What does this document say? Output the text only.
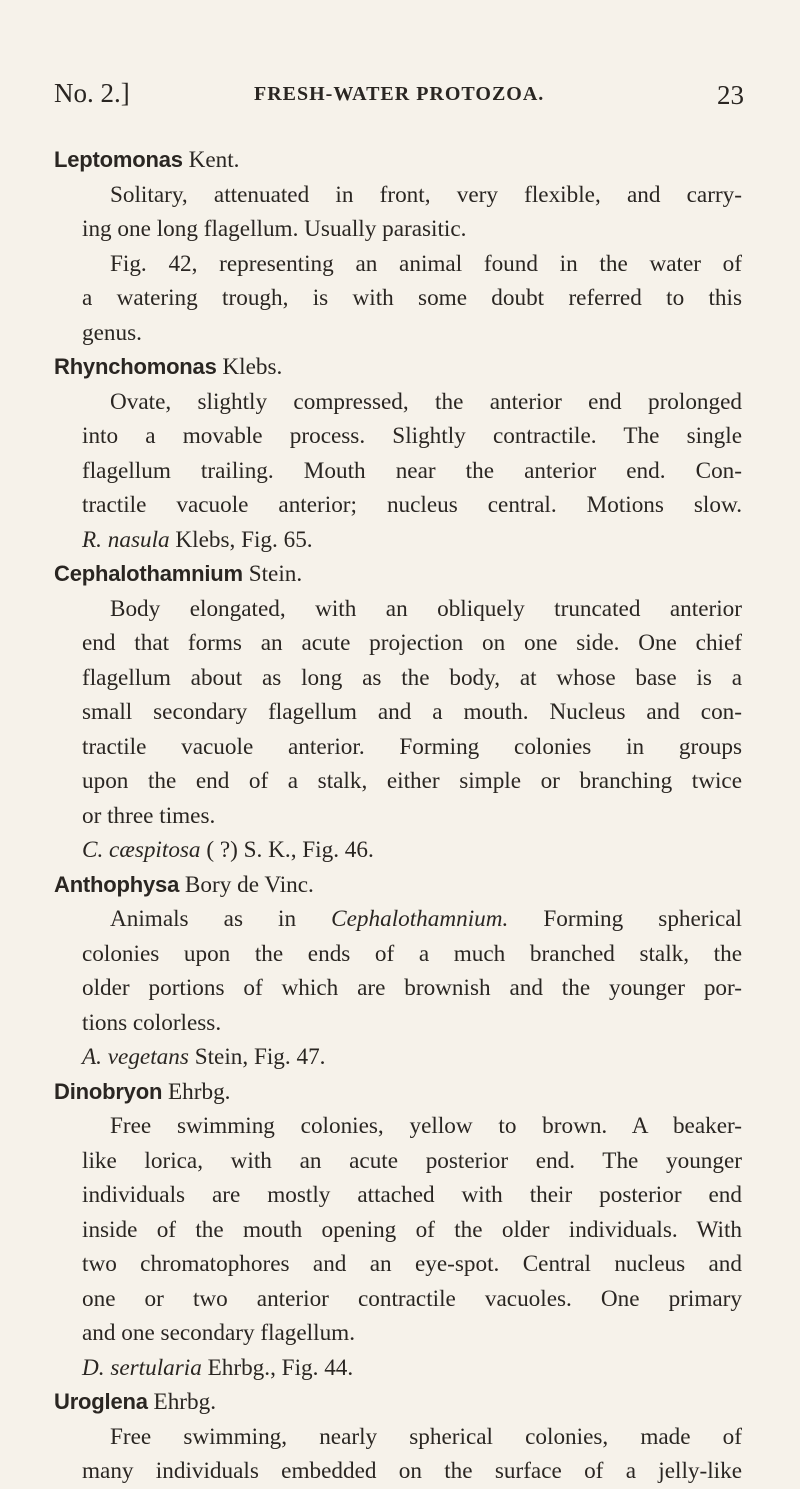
No. 2.]	FRESH-WATER PROTOZOA.	23
Leptomonas Kent.
Solitary, attenuated in front, very flexible, and carry-
ing one long flagellum. Usually parasitic.
Fig. 42, representing an animal found in the water of
a watering trough, is with some doubt referred to this
genus.
Rhynchomonas Klebs.
Ovate, slightly compressed, the anterior end prolonged
into a movable process. Slightly contractile. The single
flagellum trailing. Mouth near the anterior end. Con-
tractile vacuole anterior; nucleus central. Motions slow.
R. nasula Klebs, Fig. 65.
Cephalothamnium Stein.
Body elongated, with an obliquely truncated anterior
end that forms an acute projection on one side. One chief
flagellum about as long as the body, at whose base is a
small secondary flagellum and a mouth. Nucleus and con-
tractile vacuole anterior. Forming colonies in groups
upon the end of a stalk, either simple or branching twice
or three times.
C. cæspitosa ( ?) S. K., Fig. 46.
Anthophysa Bory de Vinc.
Animals as in Cephalothamnium. Forming spherical
colonies upon the ends of a much branched stalk, the
older portions of which are brownish and the younger por-
tions colorless.
A. vegetans Stein, Fig. 47.
Dinobryon Ehrbg.
Free swimming colonies, yellow to brown. A beaker-
like lorica, with an acute posterior end. The younger
individuals are mostly attached with their posterior end
inside of the mouth opening of the older individuals. With
two chromatophores and an eye-spot. Central nucleus and
one or two anterior contractile vacuoles. One primary
and one secondary flagellum.
D. sertularia Ehrbg., Fig. 44.
Uroglena Ehrbg.
Free swimming, nearly spherical colonies, made of
many individuals embedded on the surface of a jelly-like
